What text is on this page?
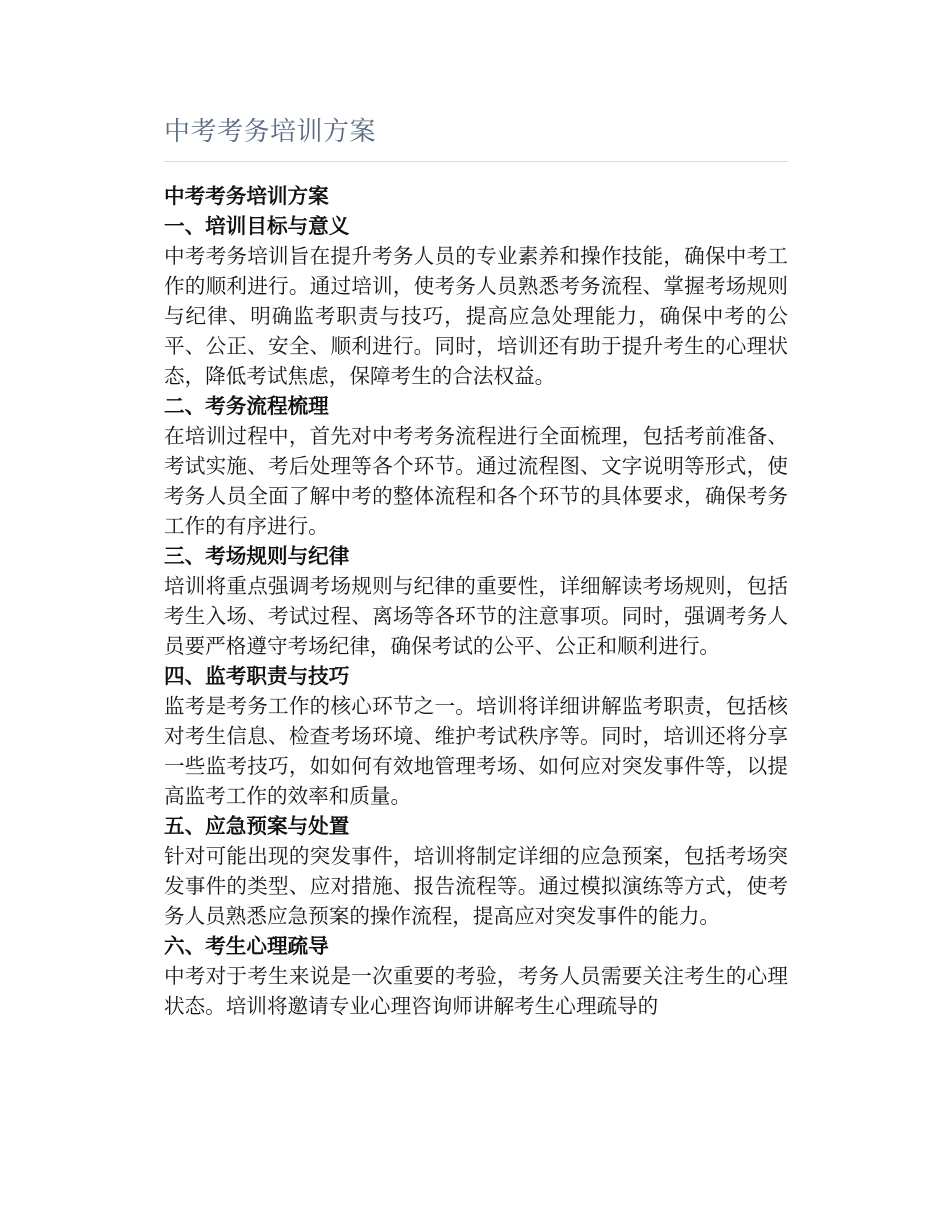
中考考务培训方案
中考考务培训方案
一、培训目标与意义

中考考务培训旨在提升考务人员的专业素养和操作技能，确保中考工作的顺利进行。通过培训，使考务人员熟悉考务流程、掌握考场规则与纪律、明确监考职责与技巧，提高应急处理能力，确保中考的公平、公正、安全、顺利进行。同时，培训还有助于提升考生的心理状态，降低考试焦虑，保障考生的合法权益。

二、考务流程梳理

在培训过程中，首先对中考考务流程进行全面梳理，包括考前准备、考试实施、考后处理等各个环节。通过流程图、文字说明等形式，使考务人员全面了解中考的整体流程和各个环节的具体要求，确保考务工作的有序进行。

三、考场规则与纪律

培训将重点强调考场规则与纪律的重要性，详细解读考场规则，包括考生入场、考试过程、离场等各环节的注意事项。同时，强调考务人员要严格遵守考场纪律，确保考试的公平、公正和顺利进行。

四、监考职责与技巧

监考是考务工作的核心环节之一。培训将详细讲解监考职责，包括核对考生信息、检查考场环境、维护考试秩序等。同时，培训还将分享一些监考技巧，如如何有效地管理考场、如何应对突发事件等，以提高监考工作的效率和质量。

五、应急预案与处置

针对可能出现的突发事件，培训将制定详细的应急预案，包括考场突发事件的类型、应对措施、报告流程等。通过模拟演练等方式，使考务人员熟悉应急预案的操作流程，提高应对突发事件的能力。

六、考生心理疏导

中考对于考生来说是一次重要的考验，考务人员需要关注考生的心理状态。培训将邀请专业心理咨询师讲解考生心理疏导的
